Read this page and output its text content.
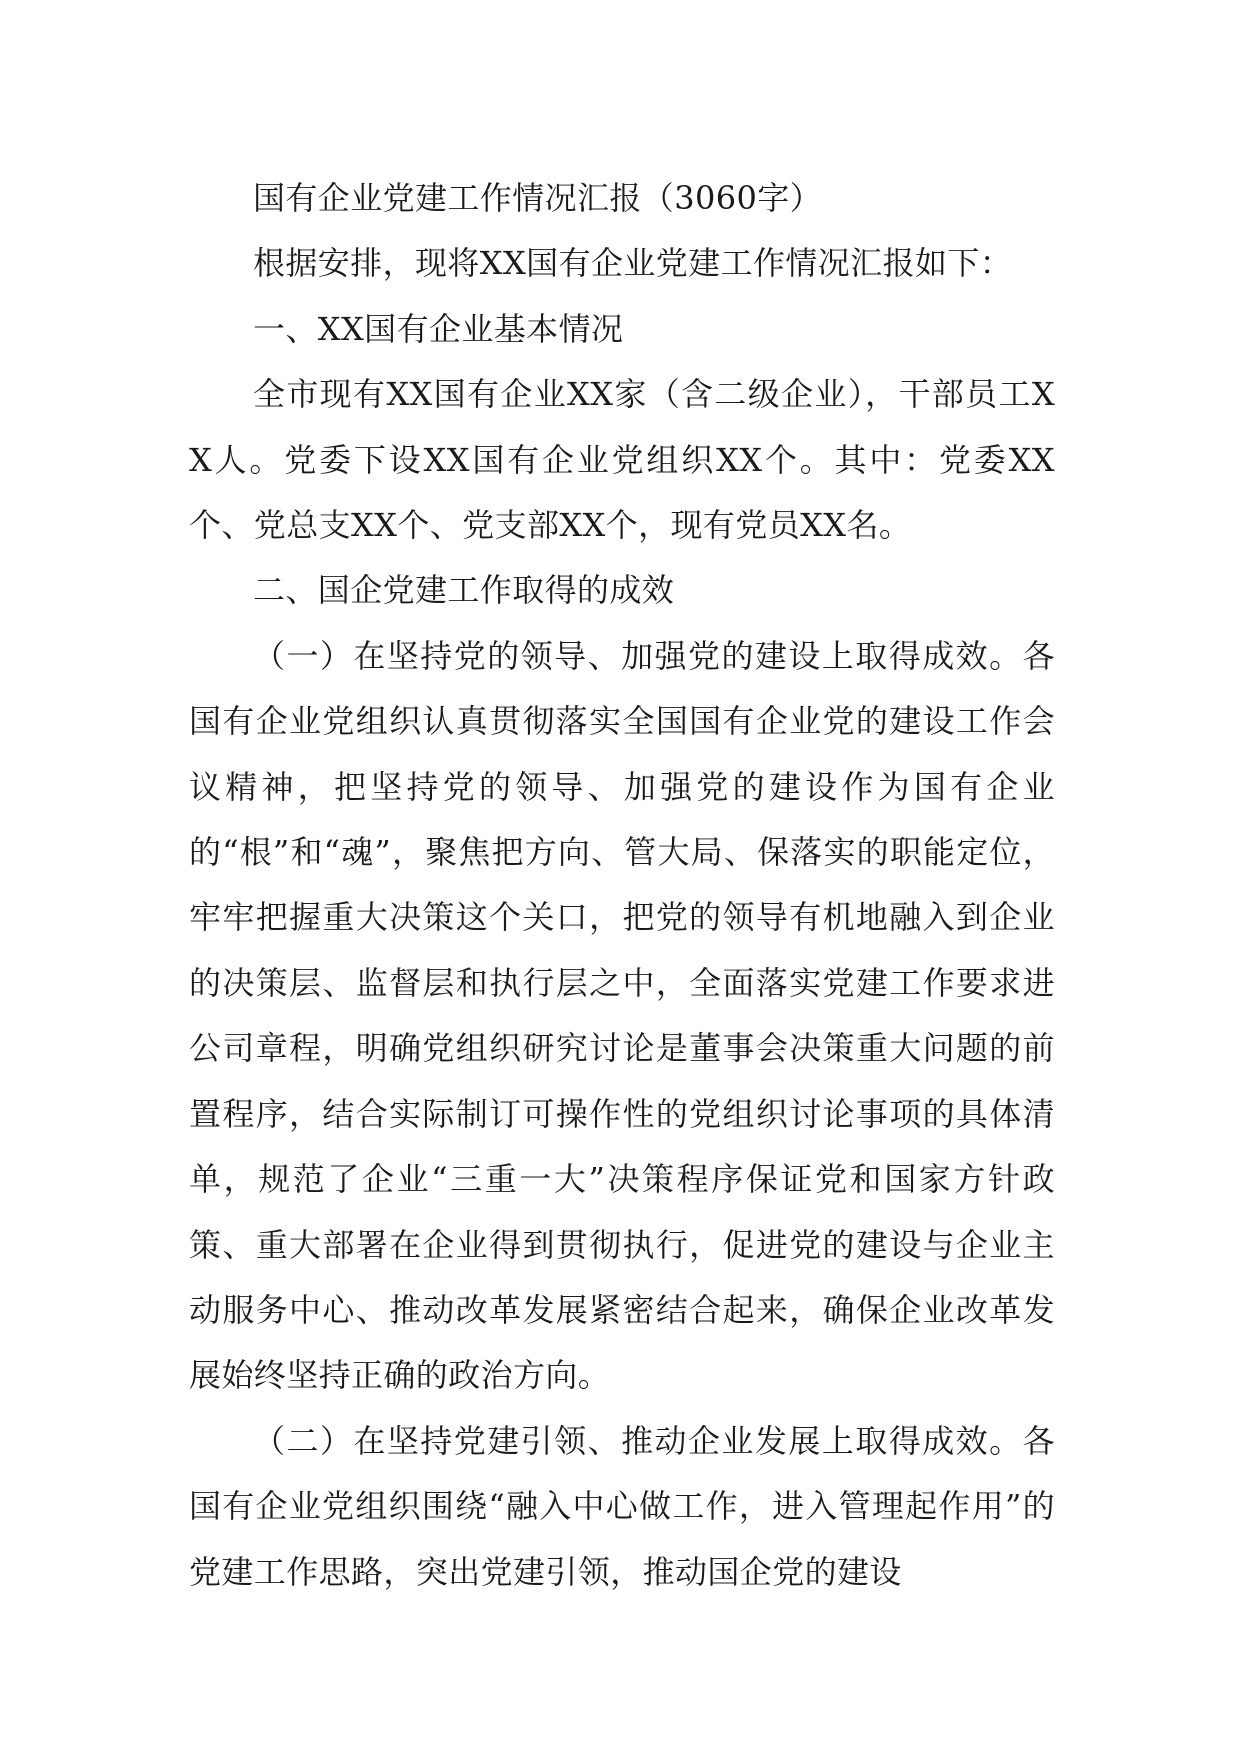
国有企业党建工作情况汇报（3060字）

根据安排，现将XX国有企业党建工作情况汇报如下：

一、XX国有企业基本情况

全市现有XX国有企业XX家（含二级企业），干部员工XX人。党委下设XX国有企业党组织XX个。其中：党委XX个、党总支XX个、党支部XX个，现有党员XX名。

二、国企党建工作取得的成效

（一）在坚持党的领导、加强党的建设上取得成效。各国有企业党组织认真贯彻落实全国国有企业党的建设工作会议精神，把坚持党的领导、加强党的建设作为国有企业的“根”和“魂”，聚焦把方向、管大局、保落实的职能定位，牢牢把握重大决策这个关口，把党的领导有机地融入到企业的决策层、监督层和执行层之中，全面落实党建工作要求进公司章程，明确党组织研究讨论是董事会决策重大问题的前置程序，结合实际制订可操作性的党组织讨论事项的具体清单，规范了企业“三重一大”决策程序保证党和国家方针政策、重大部署在企业得到贯彻执行，促进党的建设与企业主动服务中心、推动改革发展紧密结合起来，确保企业改革发展始终坚持正确的政治方向。

（二）在坚持党建引领、推动企业发展上取得成效。各国有企业党组织围绕“融入中心做工作，进入管理起作用”的党建工作思路，突出党建引领，推动国企党的建设
